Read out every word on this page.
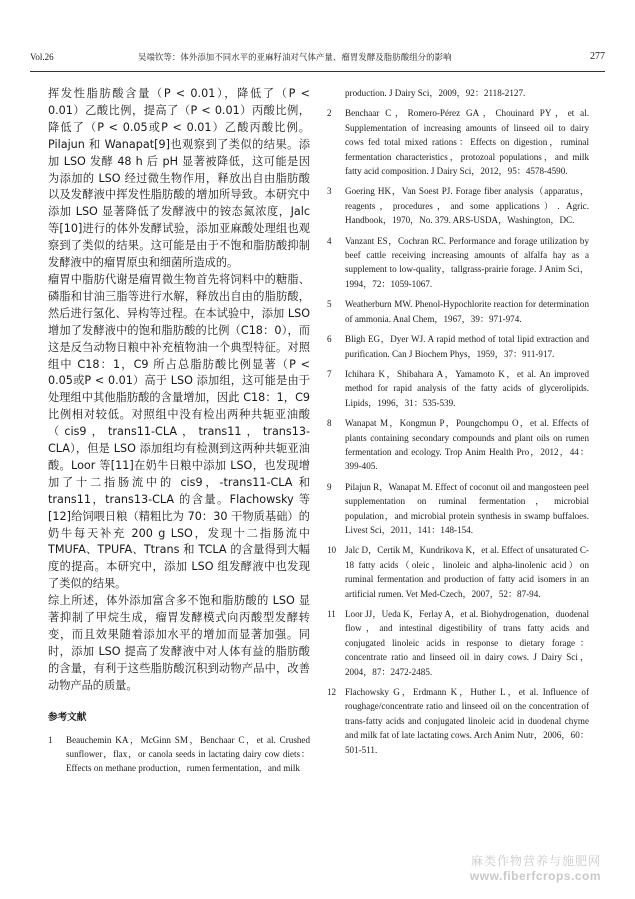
Vol.26	吴端钦等：体外添加不同水平的亚麻籽油对气体产量、瘤胃发酵及脂肪酸组分的影响	277

挥发性脂肪酸含量（P < 0.01），降低了（P < 0.01）乙酸比例，提高了（P < 0.01）丙酸比例，降低了（P < 0.05或P < 0.01）乙酸丙酸比例。Pilajun 和 Wanapat[9]也观察到了类似的结果。添加 LSO 发酵 48 h 后 pH 显著被降低，这可能是因为添加的 LSO 经过微生物作用，释放出自由脂肪酸以及发酵液中挥发性脂肪酸的增加所导致。本研究中添加 LSO 显著降低了发酵液中的铵态氮浓度，Jalc 等[10]进行的体外发酵试验，添加亚麻酸处理组也观察到了类似的结果。这可能是由于不饱和脂肪酸抑制发酵液中的瘤胃原虫和细菌所造成的。

瘤胃中脂肪代谢是瘤胃微生物首先将饲料中的糖脂、磷脂和甘油三脂等进行水解，释放出自由的脂肪酸，然后进行氢化、异构等过程。在本试验中，添加 LSO 增加了发酵液中的饱和脂肪酸的比例（C18：0），而这是反刍动物日粮中补充植物油一个典型特征。对照组中 C18：1，C9 所占总脂肪酸比例显著（P < 0.05或P < 0.01）高于 LSO 添加组，这可能是由于处理组中其他脂肪酸的含量增加，因此 C18：1，C9 比例相对较低。对照组中没有检出两种共轭亚油酸（cis9，trans11-CLA，trans11，trans13-CLA），但是 LSO 添加组均有检测到这两种共轭亚油酸。Loor 等[11]在奶牛日粮中添加 LSO，也发现增加了十二指肠流中的 cis9，-trans11-CLA 和 trans11，trans13-CLA 的含量。Flachowsky 等[12]给饲喂日粮（精粗比为 70：30 干物质基础）的奶牛每天补充 200 g LSO，发现十二指肠流中 TMUFA、TPUFA、Ttrans 和 TCLA 的含量得到大幅度的提高。本研究中，添加 LSO 组发酵液中也发现了类似的结果。

综上所述，体外添加富含多不饱和脂肪酸的 LSO 显著抑制了甲烷生成，瘤胃发酵模式向丙酸型发酵转变，而且效果随着添加水平的增加而显著加强。同时，添加 LSO 提高了发酵液中对人体有益的脂肪酸的含量，有利于这些脂肪酸沉积到动物产品中，改善动物产品的质量。

参考文献
1	Beauchemin KA，McGinn SM，Benchaar C，et al. Crushed sunflower，flax，or canola seeds in lactating dairy cow diets：Effects on methane production，rumen fermentation，and milk
production. J Dairy Sci，2009，92：2118-2127.
2	Benchaar C，Romero-Pérez GA，Chouinard PY，et al. Supplementation of increasing amounts of linseed oil to dairy cows fed total mixed rations：Effects on digestion，ruminal fermentation characteristics，protozoal populations，and milk fatty acid composition. J Dairy Sci，2012，95：4578-4590.
3	Goering HK，Van Soest PJ. Forage fiber analysis（apparatus，reagents，procedures，and some applications）. Agric. Handbook，1970，No. 379. ARS-USDA，Washington，DC.
4	Vanzant ES，Cochran RC. Performance and forage utilization by beef cattle receiving increasing amounts of alfalfa hay as a supplement to low-quality，tallgrass-prairie forage. J Anim Sci，1994，72：1059-1067.
5	Weatherburn MW. Phenol-Hypochlorite reaction for determination of ammonia. Anal Chem，1967，39：971-974.
6	Bligh EG，Dyer WJ. A rapid method of total lipid extraction and purification. Can J Biochem Phys，1959，37：911-917.
7	Ichihara K，Shibahara A，Yamamoto K，et al. An improved method for rapid analysis of the fatty acids of glycerolipids. Lipids，1996，31：535-539.
8	Wanapat M，Kongmun P，Poungchompu O，et al. Effects of plants containing secondary compounds and plant oils on rumen fermentation and ecology. Trop Anim Health Pro，2012，44：399-405.
9	Pilajun R，Wanapat M. Effect of coconut oil and mangosteen peel supplementation on ruminal fermentation，microbial population，and microbial protein synthesis in swamp buffaloes. Livest Sci，2011，141：148-154.
10 Jalc D，Certik M，Kundrikova K，et al. Effect of unsaturated C-18 fatty acids（oleic，linoleic and alpha-linolenic acid）on ruminal fermentation and production of fatty acid isomers in an artificial rumen. Vet Med-Czech，2007，52：87-94.
11	Loor JJ，Ueda K，Ferlay A，et al. Biohydrogenation，duodenal flow，and intestinal digestibility of trans fatty acids and conjugated linoleic acids in response to dietary forage：concentrate ratio and linseed oil in dairy cows. J Dairy Sci，2004，87：2472-2485.
12 Flachowsky G，Erdmann K，Huther L，et al. Influence of roughage/concentrate ratio and linseed oil on the concentration of trans-fatty acids and conjugated linoleic acid in duodenal chyme and milk fat of late lactating cows. Arch Anim Nutr，2006，60：501-511.
麻类作物营养与施肥网
www.fiberfcrops.com
